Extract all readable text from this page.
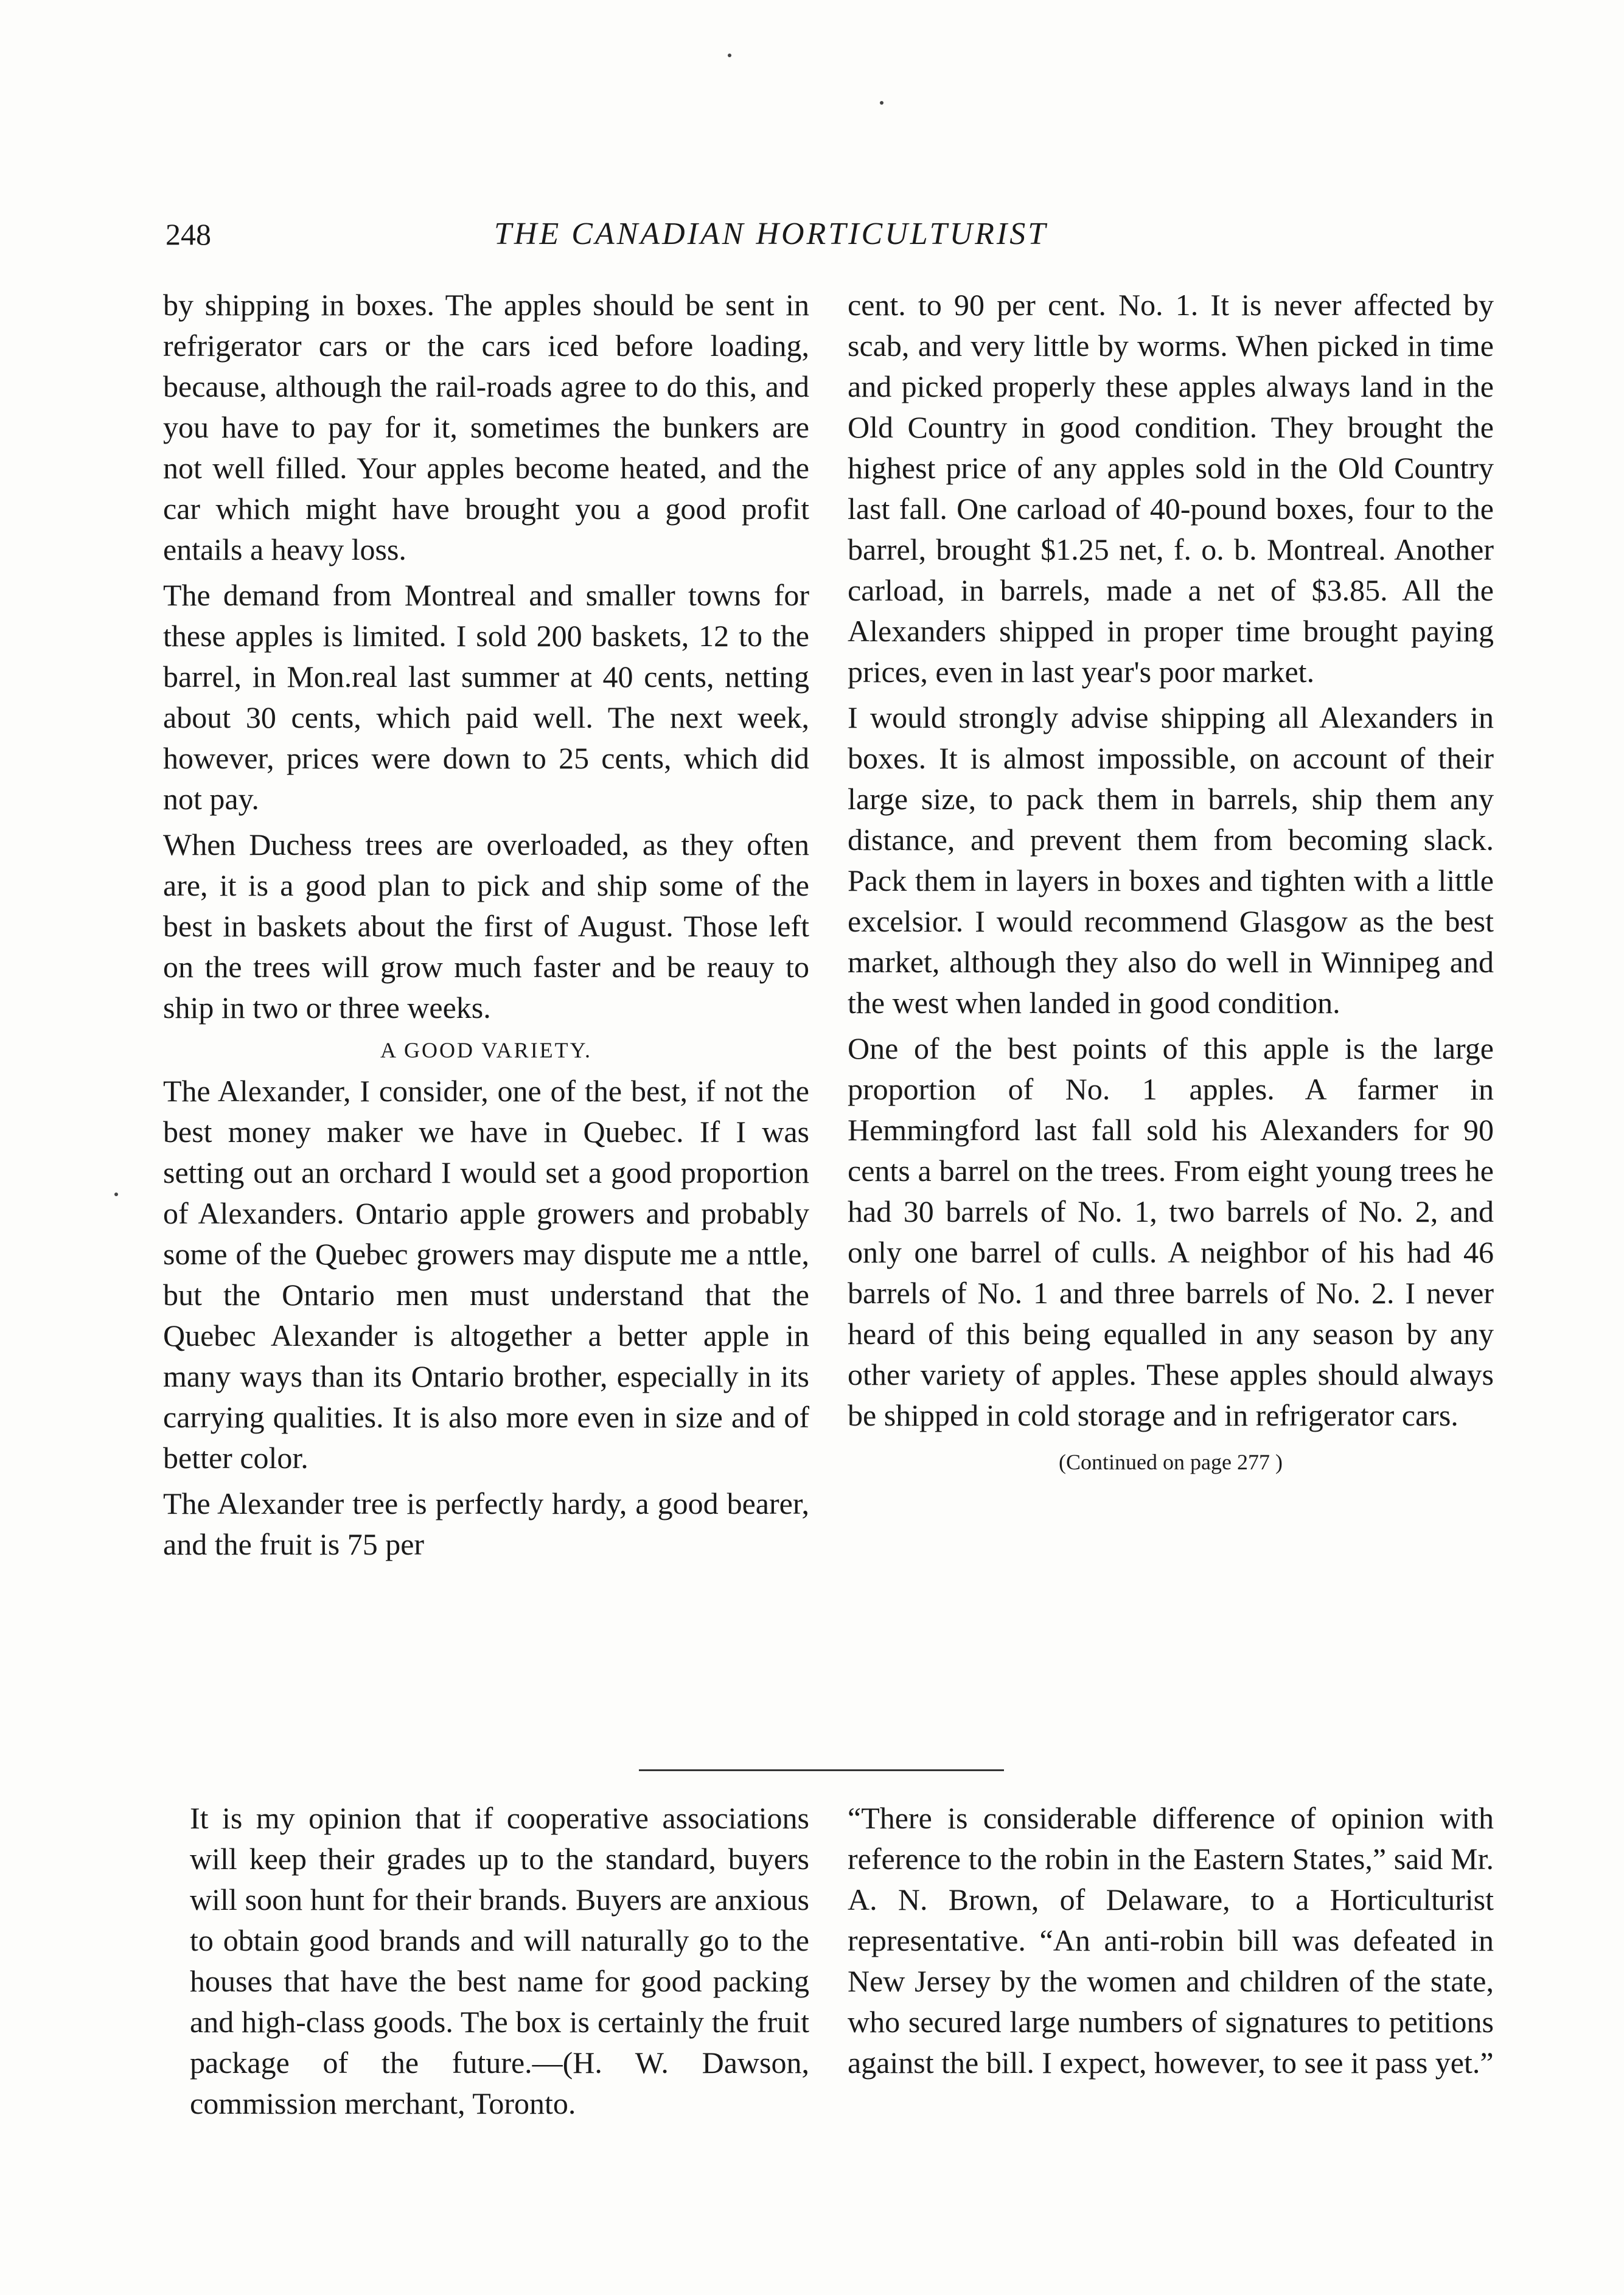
248	THE CANADIAN HORTICULTURIST

by shipping in boxes. The apples should be sent in refrigerator cars or the cars iced before loading, because, although the rail-roads agree to do this, and you have to pay for it, sometimes the bunkers are not well filled. Your apples become heated, and the car which might have brought you a good profit entails a heavy loss.

The demand from Montreal and smaller towns for these apples is limited. I sold 200 baskets, 12 to the barrel, in Mon.real last summer at 40 cents, netting about 30 cents, which paid well. The next week, however, prices were down to 25 cents, which did not pay.

When Duchess trees are overloaded, as they often are, it is a good plan to pick and ship some of the best in baskets about the first of August. Those left on the trees will grow much faster and be reauy to ship in two or three weeks.

A GOOD VARIETY.

The Alexander, I consider, one of the best, if not the best money maker we have in Quebec. If I was setting out an orchard I would set a good proportion of Alexanders. Ontario apple growers and probably some of the Quebec growers may dispute me a nttle, but the Ontario men must understand that the Quebec Alexander is altogether a better apple in many ways than its Ontario brother, especially in its carrying qualities. It is also more even in size and of better color.

The Alexander tree is perfectly hardy, a good bearer, and the fruit is 75 per

cent. to 90 per cent. No. 1. It is never affected by scab, and very little by worms. When picked in time and picked properly these apples always land in the Old Country in good condition. They brought the highest price of any apples sold in the Old Country last fall. One carload of 40-pound boxes, four to the barrel, brought $1.25 net, f. o. b. Montreal. Another carload, in barrels, made a net of $3.85. All the Alexanders shipped in proper time brought paying prices, even in last year's poor market.

I would strongly advise shipping all Alexanders in boxes. It is almost impossible, on account of their large size, to pack them in barrels, ship them any distance, and prevent them from becoming slack. Pack them in layers in boxes and tighten with a little excelsior. I would recommend Glasgow as the best market, although they also do well in Winnipeg and the west when landed in good condition.

One of the best points of this apple is the large proportion of No. 1 apples. A farmer in Hemmingford last fall sold his Alexanders for 90 cents a barrel on the trees. From eight young trees he had 30 barrels of No. 1, two barrels of No. 2, and only one barrel of culls. A neighbor of his had 46 barrels of No. 1 and three barrels of No. 2. I never heard of this being equalled in any season by any other variety of apples. These apples should always be shipped in cold storage and in refrigerator cars.

(Continued on page 277 )

It is my opinion that if cooperative associations will keep their grades up to the standard, buyers will soon hunt for their brands. Buyers are anxious to obtain good brands and will naturally go to the houses that have the best name for good packing and high-class goods. The box is certainly the fruit package of the future.—(H. W. Dawson, commission merchant, Toronto.

“There is considerable difference of opinion with reference to the robin in the Eastern States,” said Mr. A. N. Brown, of Delaware, to a Horticulturist representative. “An anti-robin bill was defeated in New Jersey by the women and children of the state, who secured large numbers of signatures to petitions against the bill. I expect, however, to see it pass yet.”
